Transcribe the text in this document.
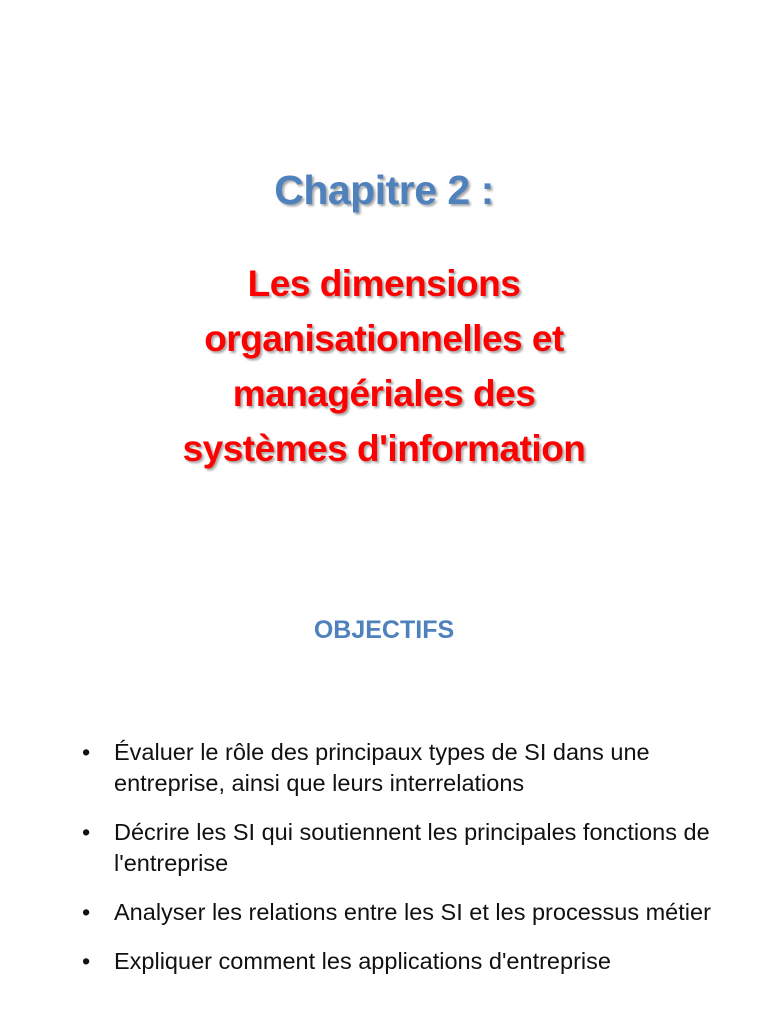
Chapitre 2 :
Les dimensions
organisationnelles et
managériales des
systèmes d'information
OBJECTIFS
• Évaluer le rôle des principaux types de SI dans une entreprise, ainsi que leurs interrelations
• Décrire les SI qui soutiennent les principales fonctions de l'entreprise
• Analyser les relations entre les SI et les processus métier
• Expliquer comment les applications d'entreprise
